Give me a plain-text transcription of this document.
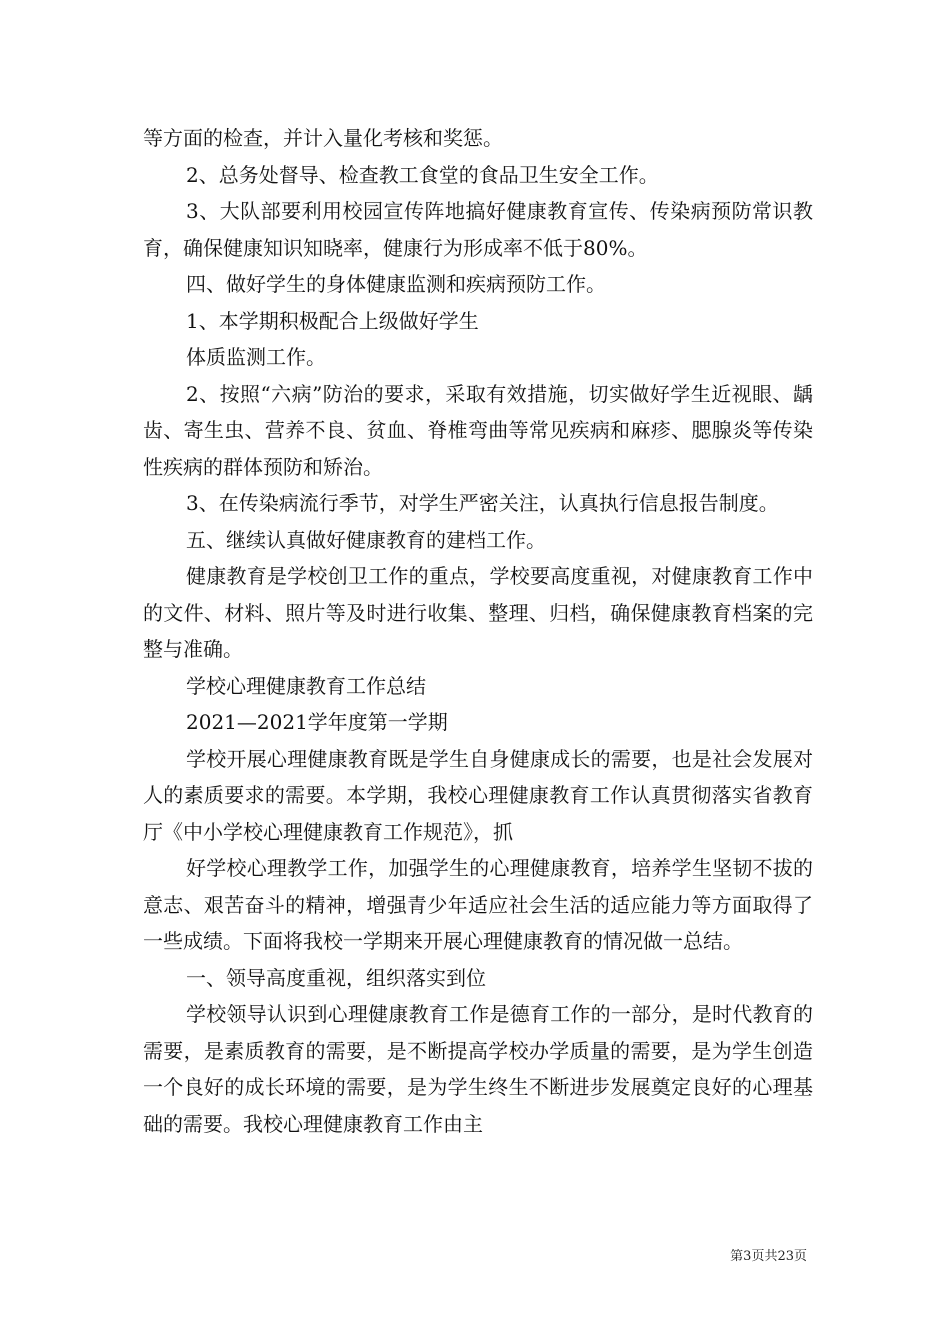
等方面的检查，并计入量化考核和奖惩。

2、总务处督导、检查教工食堂的食品卫生安全工作。

3、大队部要利用校园宣传阵地搞好健康教育宣传、传染病预防常识教育，确保健康知识知晓率，健康行为形成率不低于80%。

四、做好学生的身体健康监测和疾病预防工作。

1、本学期积极配合上级做好学生

体质监测工作。

2、按照“六病”防治的要求，采取有效措施，切实做好学生近视眼、龋齿、寄生虫、营养不良、贫血、脊椎弯曲等常见疾病和麻疹、腮腺炎等传染性疾病的群体预防和矫治。

3、在传染病流行季节，对学生严密关注，认真执行信息报告制度。

五、继续认真做好健康教育的建档工作。

健康教育是学校创卫工作的重点，学校要高度重视，对健康教育工作中的文件、材料、照片等及时进行收集、整理、归档，确保健康教育档案的完整与准确。

学校心理健康教育工作总结

2021—2021学年度第一学期

学校开展心理健康教育既是学生自身健康成长的需要，也是社会发展对人的素质要求的需要。本学期，我校心理健康教育工作认真贯彻落实省教育厅《中小学校心理健康教育工作规范》，抓

好学校心理教学工作，加强学生的心理健康教育，培养学生坚韧不拔的意志、艰苦奋斗的精神，增强青少年适应社会生活的适应能力等方面取得了一些成绩。下面将我校一学期来开展心理健康教育的情况做一总结。

一、领导高度重视，组织落实到位

学校领导认识到心理健康教育工作是德育工作的一部分，是时代教育的需要，是素质教育的需要，是不断提高学校办学质量的需要，是为学生创造一个良好的成长环境的需要，是为学生终生不断进步发展奠定良好的心理基础的需要。我校心理健康教育工作由主

第3页共23页
